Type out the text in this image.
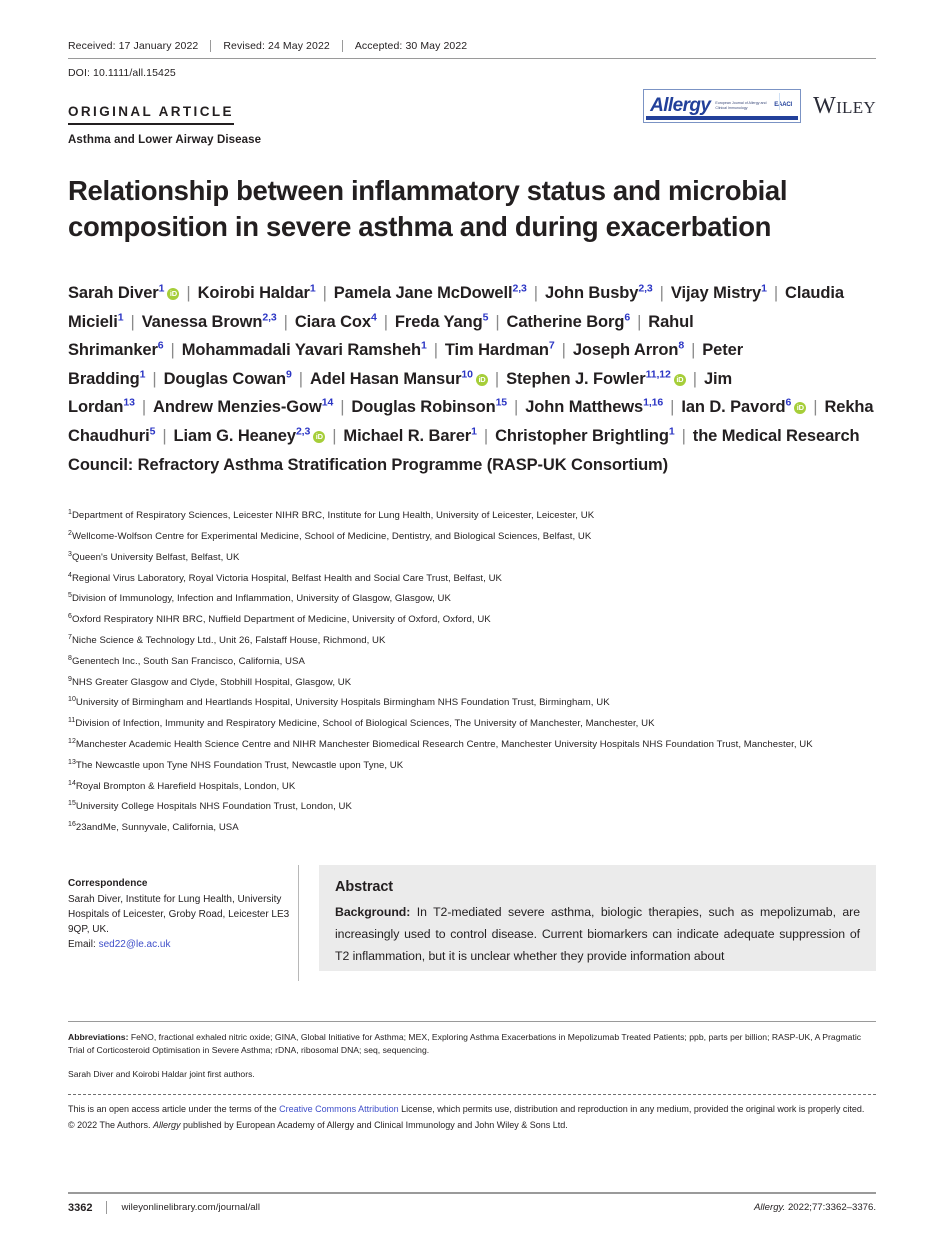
Received: 17 January 2022	Revised: 24 May 2022	Accepted: 30 May 2022
DOI: 10.1111/all.15425
ORIGINAL ARTICLE
Asthma and Lower Airway Disease
Allergy European Journal of Allergy and Clinical Immunology	EAACI WILEY
Relationship between inflammatory status and microbial composition in severe asthma and during exacerbation
Sarah Diver$^1$ iD | Koirobi Haldar$^1$ | Pamela Jane McDowell$^{2,3}$ | John Busby$^{2,3}$ | Vijay Mistry$^1$ | Claudia Micieli$^1$ | Vanessa Brown$^{2,3}$ | Ciara Cox$^4$ | Freda Yang$^5$ | Catherine Borg$^6$ | Rahul Shrimanker$^6$ | Mohammadali Yavari Ramsheh$^1$ | Tim Hardman$^7$ | Joseph Arron$^8$ | Peter Bradding$^1$ | Douglas Cowan$^9$ | Adel Hasan Mansur$^{10}$ iD | Stephen J. Fowler$^{11,12}$ iD | Jim Lordan$^{13}$ | Andrew Menzies-Gow$^{14}$ | Douglas Robinson$^{15}$ | John Matthews$^{1,16}$ | Ian D. Pavord$^6$ iD | Rekha Chaudhuri$^5$ | Liam G. Heaney$^{2,3}$ iD | Michael R. Barer$^1$ | Christopher Brightling$^1$ | the Medical Research Council: Refractory Asthma Stratification Programme (RASP-UK Consortium)
$^1$Department of Respiratory Sciences, Leicester NIHR BRC, Institute for Lung Health, University of Leicester, Leicester, UK
$^2$Wellcome-Wolfson Centre for Experimental Medicine, School of Medicine, Dentistry, and Biological Sciences, Belfast, UK
$^3$Queen's University Belfast, Belfast, UK
$^4$Regional Virus Laboratory, Royal Victoria Hospital, Belfast Health and Social Care Trust, Belfast, UK
$^5$Division of Immunology, Infection and Inflammation, University of Glasgow, Glasgow, UK
$^6$Oxford Respiratory NIHR BRC, Nuffield Department of Medicine, University of Oxford, Oxford, UK
$^7$Niche Science & Technology Ltd., Unit 26, Falstaff House, Richmond, UK
$^8$Genentech Inc., South San Francisco, California, USA
$^9$NHS Greater Glasgow and Clyde, Stobhill Hospital, Glasgow, UK
$^{10}$University of Birmingham and Heartlands Hospital, University Hospitals Birmingham NHS Foundation Trust, Birmingham, UK
$^{11}$Division of Infection, Immunity and Respiratory Medicine, School of Biological Sciences, The University of Manchester, Manchester, UK
$^{12}$Manchester Academic Health Science Centre and NIHR Manchester Biomedical Research Centre, Manchester University Hospitals NHS Foundation Trust, Manchester, UK
$^{13}$The Newcastle upon Tyne NHS Foundation Trust, Newcastle upon Tyne, UK
$^{14}$Royal Brompton & Harefield Hospitals, London, UK
$^{15}$University College Hospitals NHS Foundation Trust, London, UK
$^{16}$23andMe, Sunnyvale, California, USA
Correspondence
Sarah Diver, Institute for Lung Health, University Hospitals of Leicester, Groby Road, Leicester LE3 9QP, UK.
Email: sed22@le.ac.uk
Abstract

Background: In T2-mediated severe asthma, biologic therapies, such as mepolizumab, are increasingly used to control disease. Current biomarkers can indicate adequate suppression of T2 inflammation, but it is unclear whether they provide information about

Abbreviations: FeNO, fractional exhaled nitric oxide; GINA, Global Initiative for Asthma; MEX, Exploring Asthma Exacerbations in Mepolizumab Treated Patients; ppb, parts per billion; RASP-UK, A Pragmatic Trial of Corticosteroid Optimisation in Severe Asthma; rDNA, ribosomal DNA; seq, sequencing.
Sarah Diver and Koirobi Haldar joint first authors.
This is an open access article under the terms of the Creative Commons Attribution License, which permits use, distribution and reproduction in any medium, provided the original work is properly cited.
© 2022 The Authors. Allergy published by European Academy of Allergy and Clinical Immunology and John Wiley & Sons Ltd.
3362	wileyonlinelibrary.com/journal/all	Allergy. 2022;77:3362–3376.
